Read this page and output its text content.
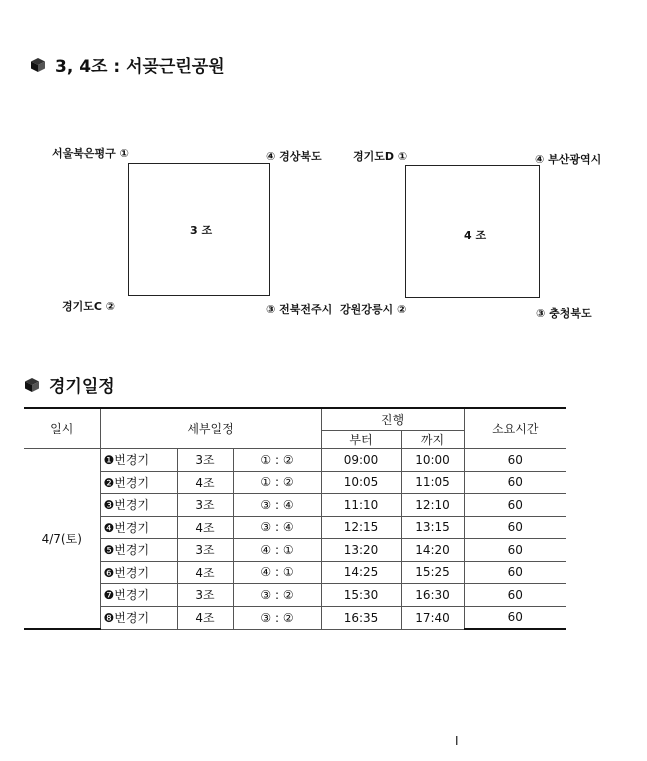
3, 4조 : 서곶근린공원
3 조
서울북은평구 ①
경기도C ②	③ 전북전주시
④ 경상북도
4 조
경기도D ①
강원강릉시 ②	③ 충청북도
④ 부산광역시
경기일정
일시	세부일정			진행		소요시간
				부터	까지	
4/7(토)	❶번경기	3조	① : ②	09:00	10:00	60
	❷번경기	4조	① : ②	10:05	11:05	60
	❸번경기	3조	③ : ④	11:10	12:10	60
	❹번경기	4조	③ : ④	12:15	13:15	60
	❺번경기	3조	④ : ①	13:20	14:20	60
	❻번경기	4조	④ : ①	14:25	15:25	60
	❼번경기	3조	③ : ②	15:30	16:30	60
	❽번경기	4조	③ : ②	16:35	17:40	60
I
